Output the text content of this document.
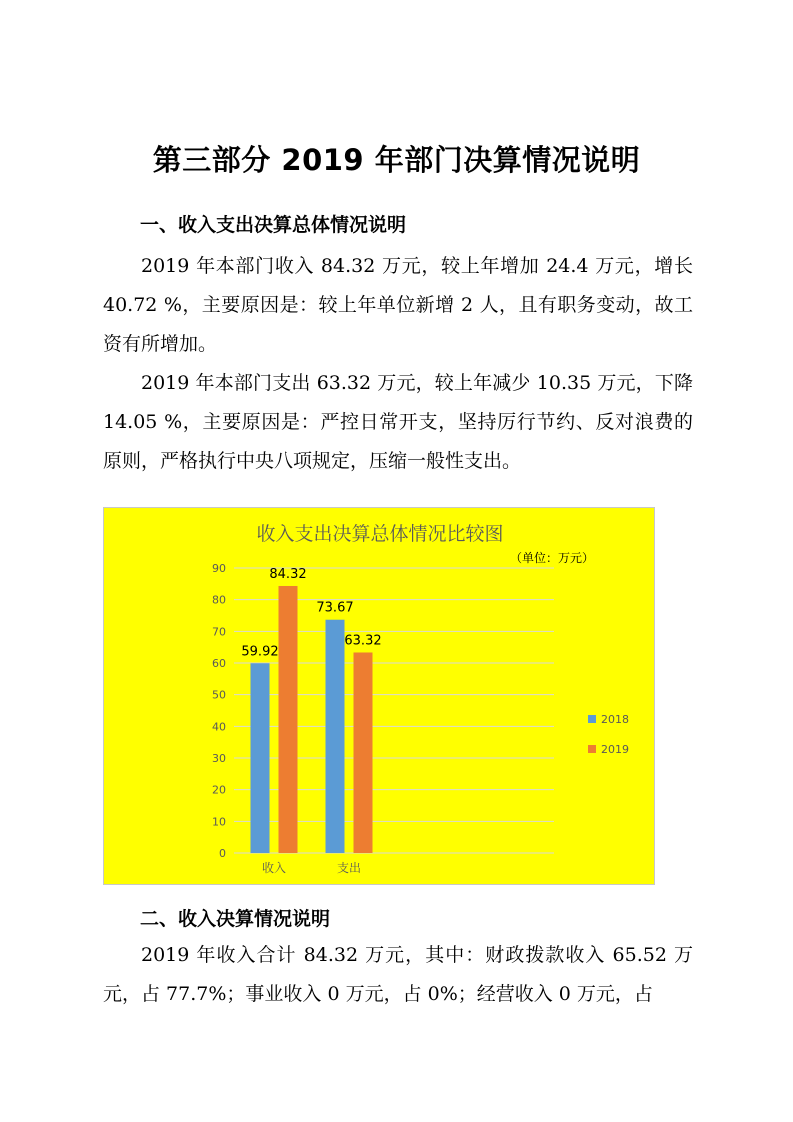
第三部分 2019 年部门决算情况说明
一、收入支出决算总体情况说明
2019 年本部门收入 84.32 万元，较上年增加 24.4 万元，增长 40.72 %，主要原因是：较上年单位新增 2 人，且有职务变动，故工资有所增加。
2019 年本部门支出 63.32 万元，较上年减少 10.35 万元，下降 14.05 %，主要原因是：严控日常开支，坚持厉行节约、反对浪费的原则，严格执行中央八项规定，压缩一般性支出。
收入支出决算总体情况比较图
（单位：万元）
0
10
20
30
40
50
60
70
80
90
收入	支出
59.92
84.32
73.67
63.32
2018
2019
二、收入决算情况说明
2019 年收入合计 84.32 万元，其中：财政拨款收入 65.52 万元，占 77.7%；事业收入 0 万元，占 0%；经营收入 0 万元，占
